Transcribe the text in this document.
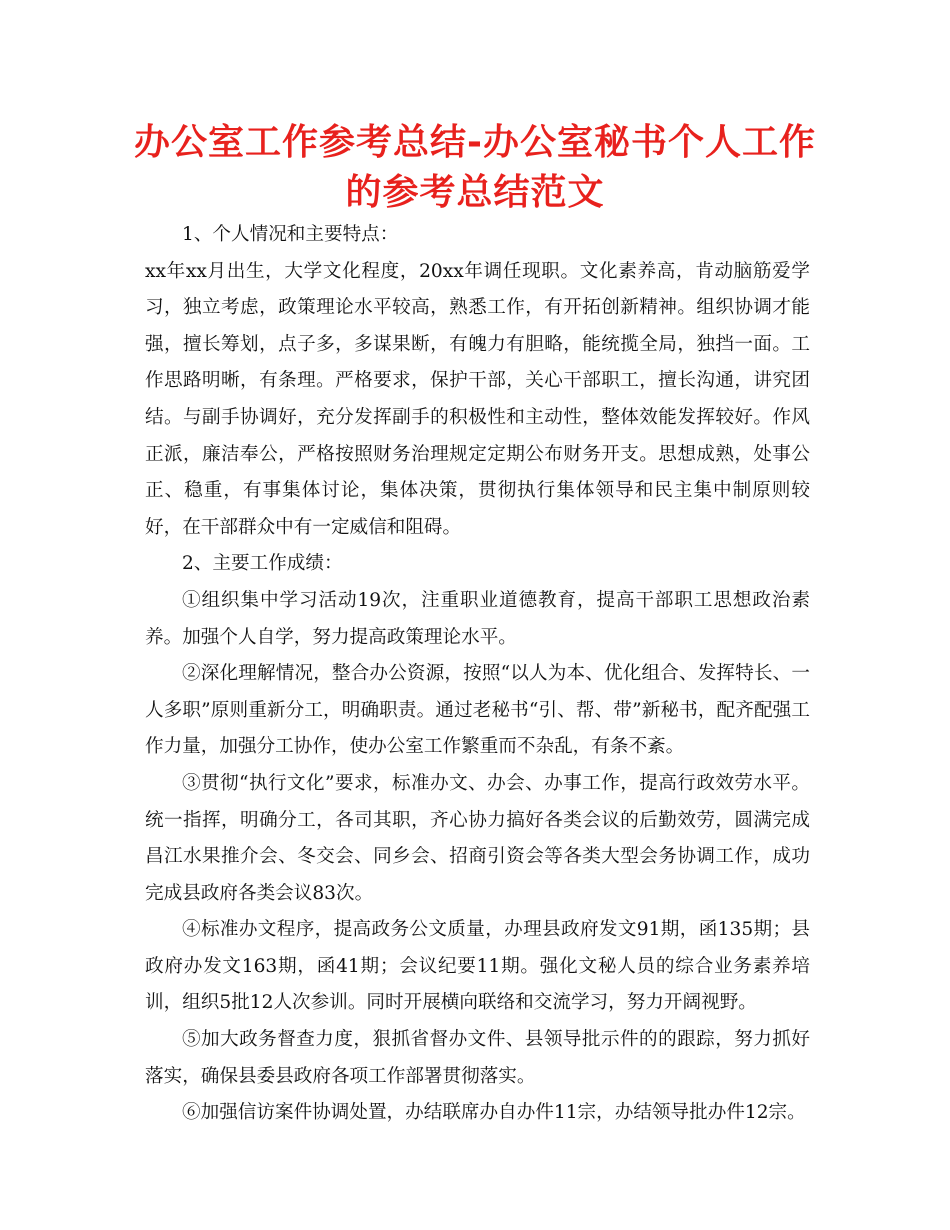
办公室工作参考总结-办公室秘书个人工作的参考总结范文

1、个人情况和主要特点：

xx年xx月出生，大学文化程度，20xx年调任现职。文化素养高，肯动脑筋爱学习，独立考虑，政策理论水平较高，熟悉工作，有开拓创新精神。组织协调才能强，擅长筹划，点子多，多谋果断，有魄力有胆略，能统揽全局，独挡一面。工作思路明晰，有条理。严格要求，保护干部，关心干部职工，擅长沟通，讲究团结。与副手协调好，充分发挥副手的积极性和主动性，整体效能发挥较好。作风正派，廉洁奉公，严格按照财务治理规定定期公布财务开支。思想成熟，处事公正、稳重，有事集体讨论，集体决策，贯彻执行集体领导和民主集中制原则较好，在干部群众中有一定威信和阻碍。

2、主要工作成绩：

①组织集中学习活动19次，注重职业道德教育，提高干部职工思想政治素养。加强个人自学，努力提高政策理论水平。

②深化理解情况，整合办公资源，按照“以人为本、优化组合、发挥特长、一人多职”原则重新分工，明确职责。通过老秘书“引、帮、带”新秘书，配齐配强工作力量，加强分工协作，使办公室工作繁重而不杂乱，有条不紊。

③贯彻“执行文化”要求，标准办文、办会、办事工作，提高行政效劳水平。统一指挥，明确分工，各司其职，齐心协力搞好各类会议的后勤效劳，圆满完成昌江水果推介会、冬交会、同乡会、招商引资会等各类大型会务协调工作，成功完成县政府各类会议83次。

④标准办文程序，提高政务公文质量，办理县政府发文91期，函135期；县政府办发文163期，函41期；会议纪要11期。强化文秘人员的综合业务素养培训，组织5批12人次参训。同时开展横向联络和交流学习，努力开阔视野。

⑤加大政务督查力度，狠抓省督办文件、县领导批示件的的跟踪，努力抓好落实，确保县委县政府各项工作部署贯彻落实。

⑥加强信访案件协调处置，办结联席办自办件11宗，办结领导批办件12宗。
